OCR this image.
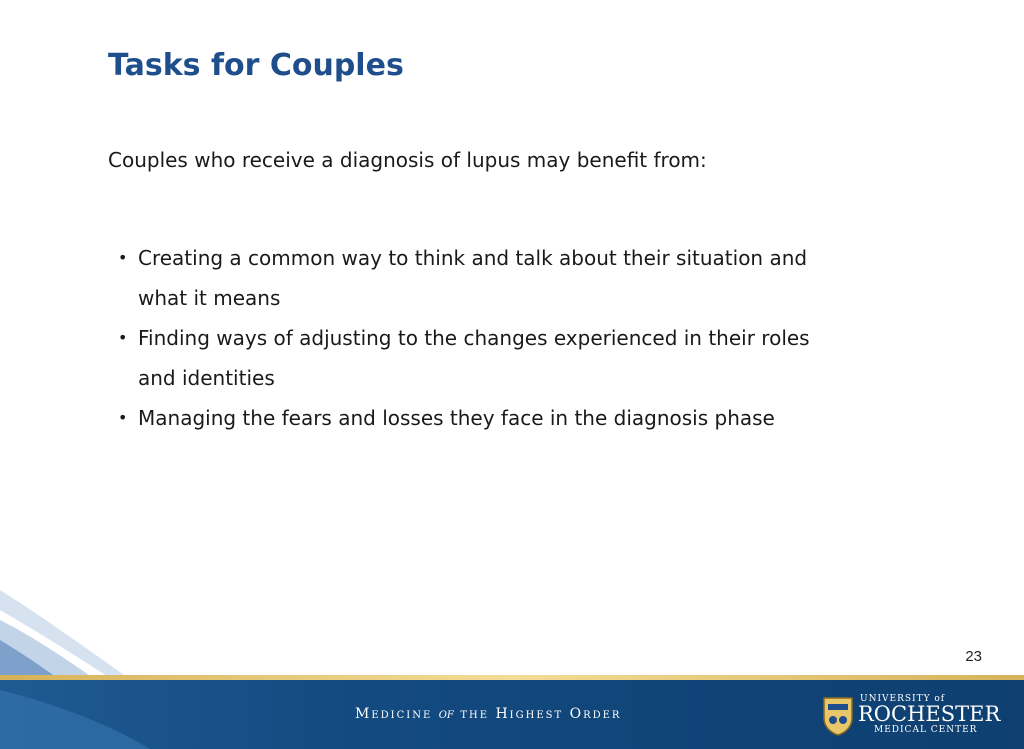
Tasks for Couples

Couples who receive a diagnosis of lupus may benefit from:

• Creating a common way to think and talk about their situation and
what it means
• Finding ways of adjusting to the changes experienced in their roles
and identities
• Managing the fears and losses they face in the diagnosis phase
23
Medicine of the Highest Order
UNIVERSITY of
ROCHESTER
MEDICAL CENTER
